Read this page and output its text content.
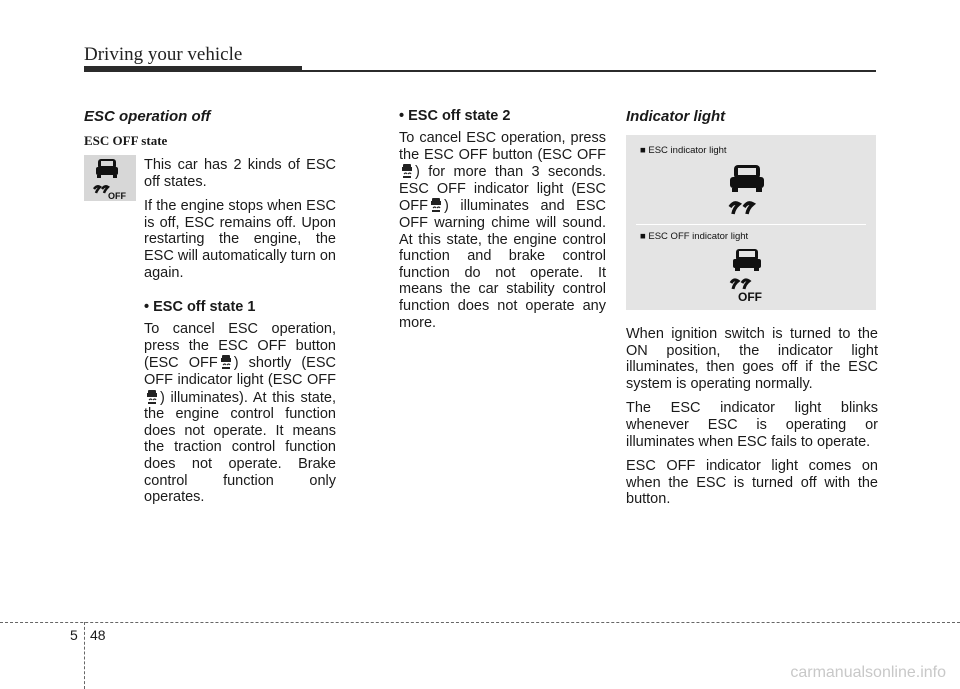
Driving your vehicle
ESC operation off
ESC OFF state
OFF

This car has 2 kinds of ESC off states.

If the engine stops when ESC is off, ESC remains off. Upon restarting the engine, the ESC will automatically turn on again.

• ESC off state 1

To cancel ESC operation, press the ESC OFF button (ESC OFF ) shortly (ESC OFF indicator light (ESC OFF) illuminates). At this state, the engine control function does not operate. It means the traction control function does not operate. Brake control function only operates.

• ESC off state 2

To cancel ESC operation, press the ESC OFF button (ESC OFF) for more than 3 seconds. ESC OFF indicator light (ESC OFF ) illuminates and ESC OFF warning chime will sound. At this state, the engine control function and brake control function do not operate. It means the car stability control function does not operate any more.

Indicator light
■ ESC indicator light
■ ESC OFF indicator light
OFF

When ignition switch is turned to the ON position, the indicator light illuminates, then goes off if the ESC system is operating normally.

The ESC indicator light blinks whenever ESC is operating or illuminates when ESC fails to operate.

ESC OFF indicator light comes on when the ESC is turned off with the button.

5 48
carmanualsonline.info
